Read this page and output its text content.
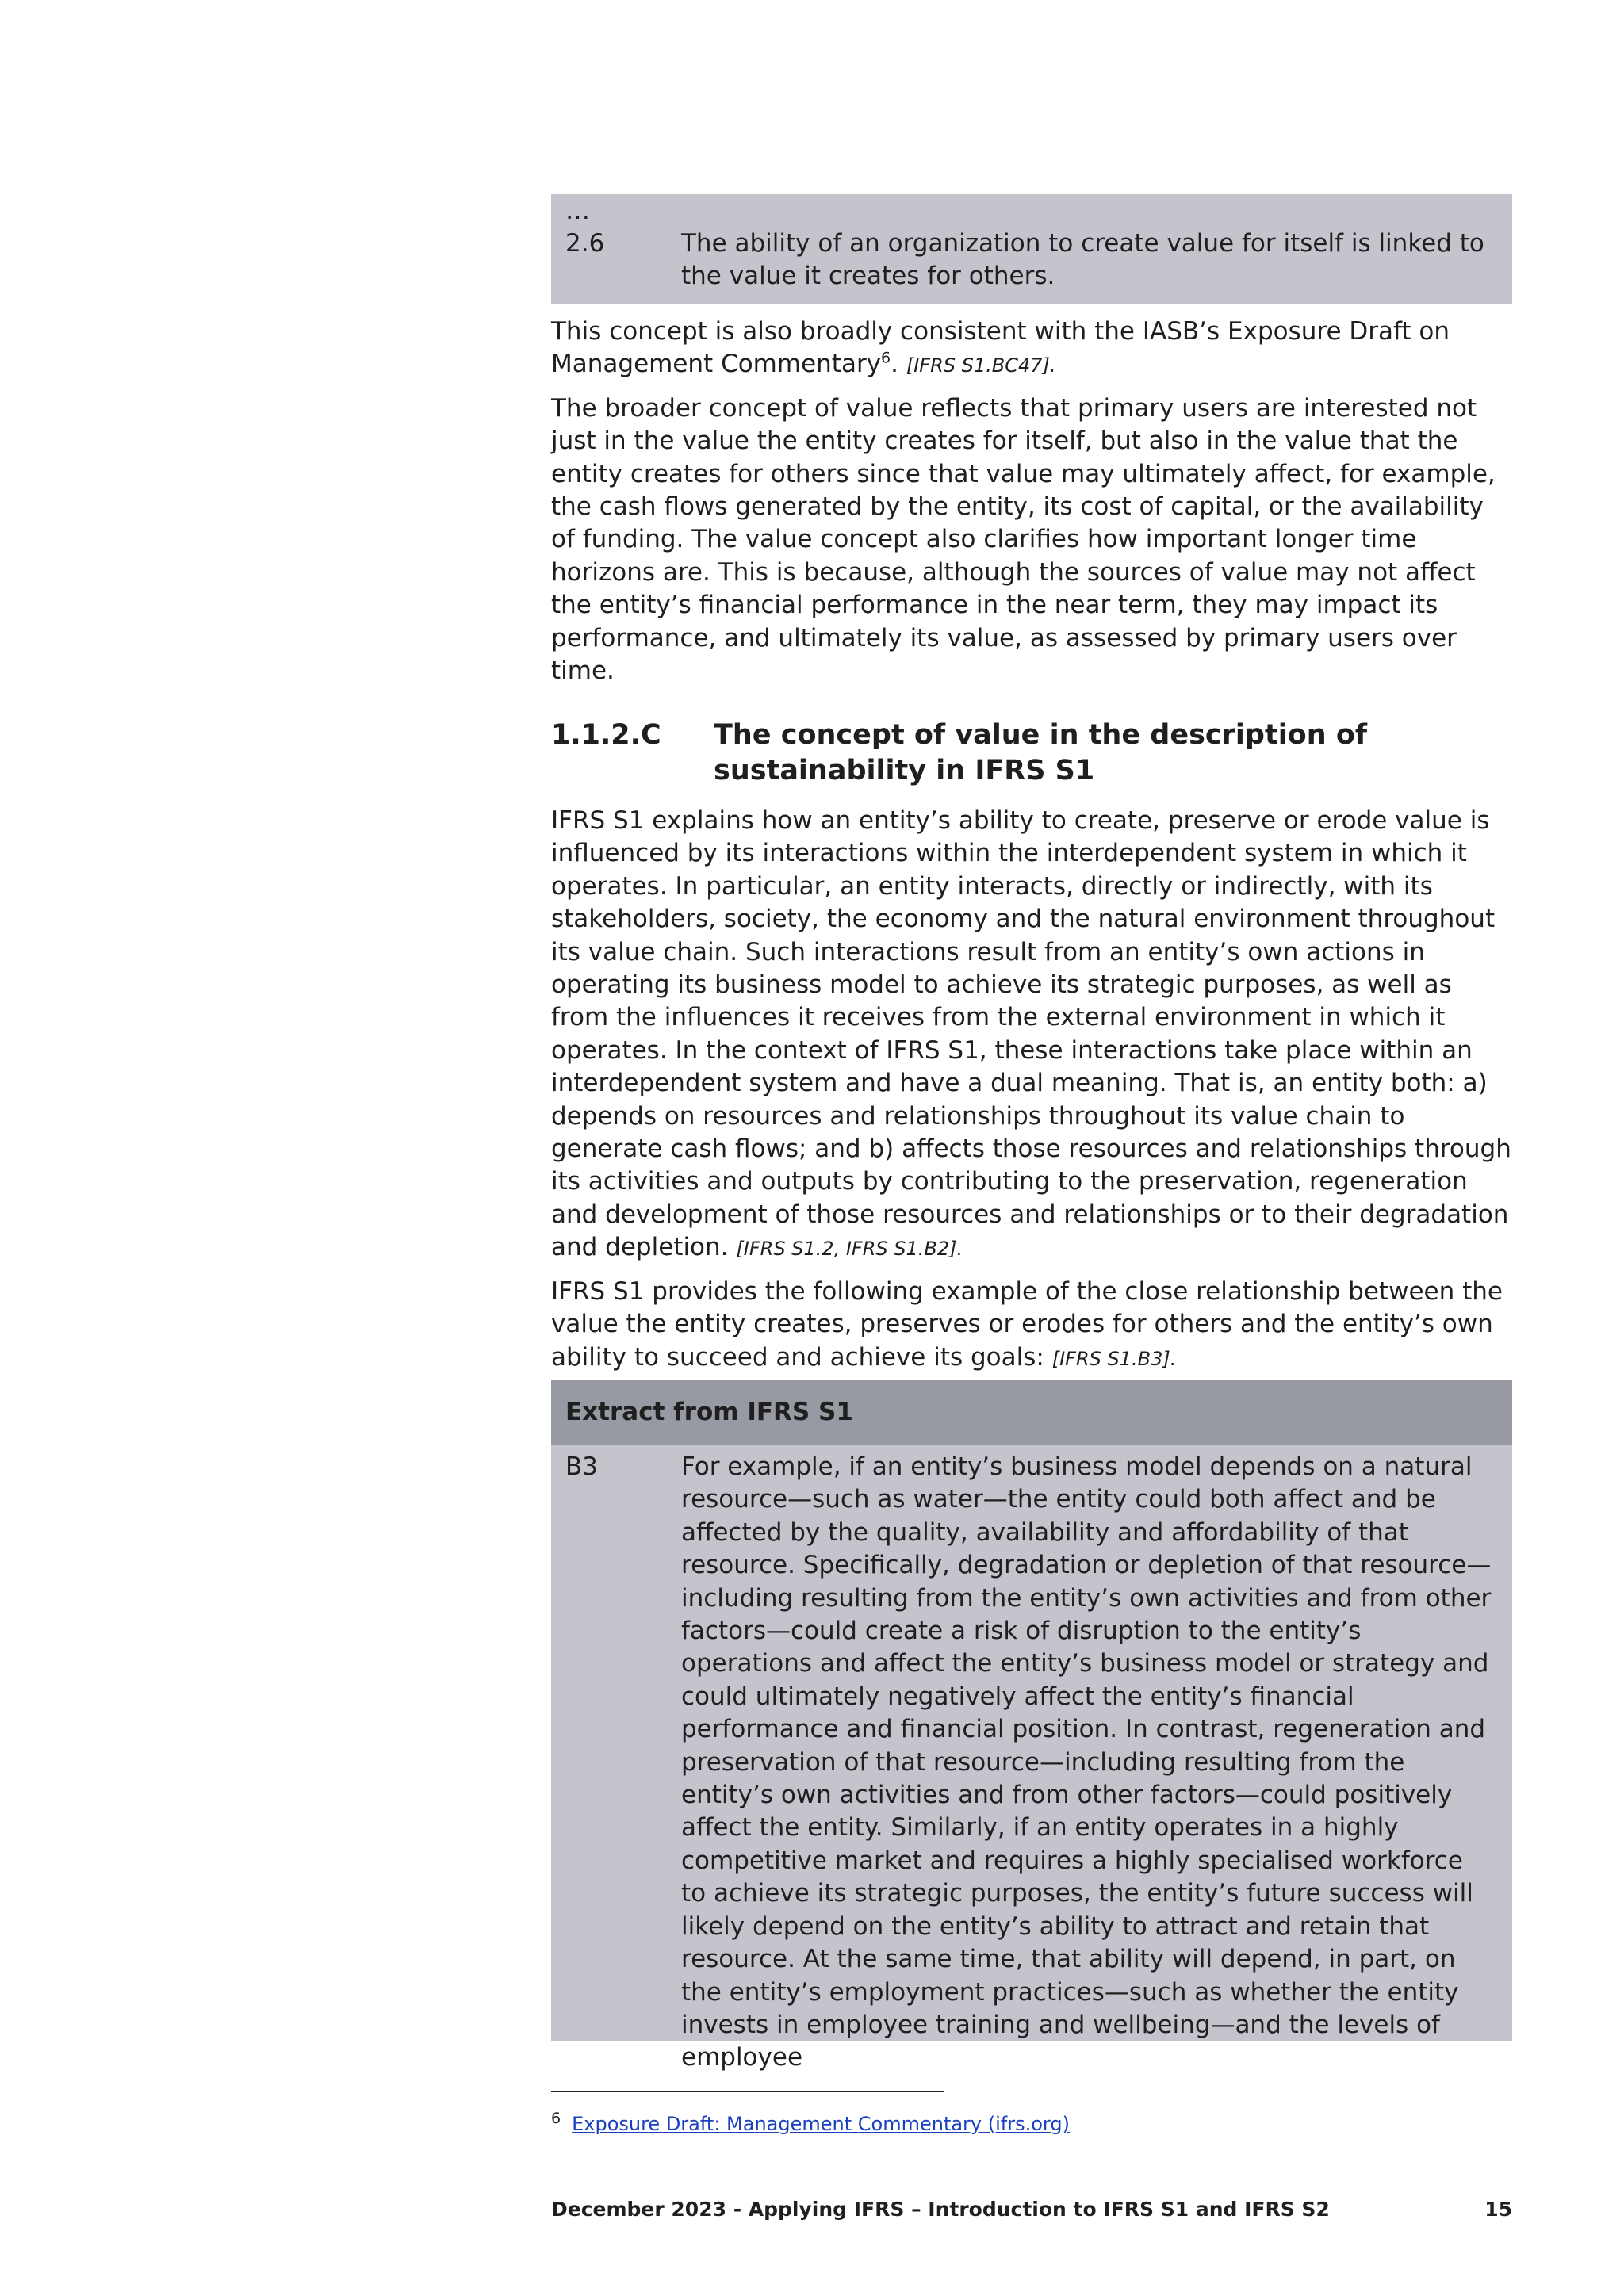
…
2.6	The ability of an organization to create value for itself is linked to the value it creates for others.

This concept is also broadly consistent with the IASB’s Exposure Draft on Management Commentary$^6$. [IFRS S1.BC47].

The broader concept of value reflects that primary users are interested not just in the value the entity creates for itself, but also in the value that the entity creates for others since that value may ultimately affect, for example, the cash flows generated by the entity, its cost of capital, or the availability of funding. The value concept also clarifies how important longer time horizons are. This is because, although the sources of value may not affect the entity’s financial performance in the near term, they may impact its performance, and ultimately its value, as assessed by primary users over time.

1.1.2.C	The concept of value in the description of sustainability in IFRS S1

IFRS S1 explains how an entity’s ability to create, preserve or erode value is influenced by its interactions within the interdependent system in which it operates. In particular, an entity interacts, directly or indirectly, with its stakeholders, society, the economy and the natural environment throughout its value chain. Such interactions result from an entity’s own actions in operating its business model to achieve its strategic purposes, as well as from the influences it receives from the external environment in which it operates. In the context of IFRS S1, these interactions take place within an interdependent system and have a dual meaning. That is, an entity both: a) depends on resources and relationships throughout its value chain to generate cash flows; and b) affects those resources and relationships through its activities and outputs by contributing to the preservation, regeneration and development of those resources and relationships or to their degradation and depletion. [IFRS S1.2, IFRS S1.B2].

IFRS S1 provides the following example of the close relationship between the value the entity creates, preserves or erodes for others and the entity’s own ability to succeed and achieve its goals: [IFRS S1.B3].

Extract from IFRS S1
B3	For example, if an entity’s business model depends on a natural resource—such as water—the entity could both affect and be affected by the quality, availability and affordability of that resource. Specifically, degradation or depletion of that resource—including resulting from the entity’s own activities and from other factors—could create a risk of disruption to the entity’s operations and affect the entity’s business model or strategy and could ultimately negatively affect the entity’s financial performance and financial position. In contrast, regeneration and preservation of that resource—including resulting from the entity’s own activities and from other factors—could positively affect the entity. Similarly, if an entity operates in a highly competitive market and requires a highly specialised workforce to achieve its strategic purposes, the entity’s future success will likely depend on the entity’s ability to attract and retain that resource. At the same time, that ability will depend, in part, on the entity’s employment practices—such as whether the entity invests in employee training and wellbeing—and the levels of employee
$^6$ Exposure Draft: Management Commentary (ifrs.org)
December 2023 - Applying IFRS – Introduction to IFRS S1 and IFRS S2	15
